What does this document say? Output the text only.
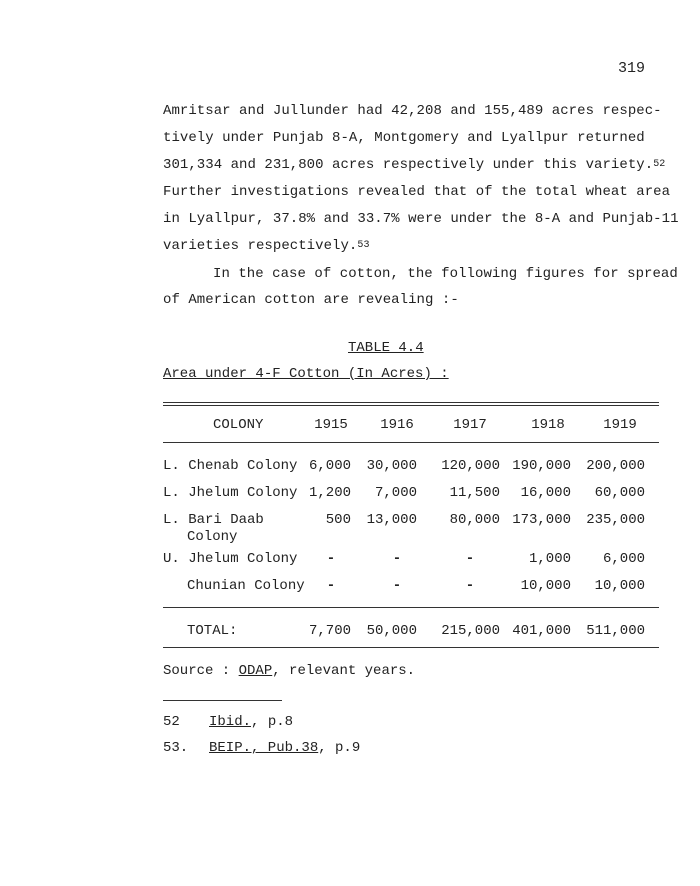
319
Amritsar and Jullunder had 42,208 and 155,489 acres respec-
tively under Punjab 8-A, Montgomery and Lyallpur returned
301,334 and 231,800 acres respectively under this variety.$^{52}$
Further investigations revealed that of the total wheat area
in Lyallpur, 37.8% and 33.7% were under the 8-A and Punjab-11
varieties respectively.$^{53}$
In the case of cotton, the following figures for spread
of American cotton are revealing :-
TABLE 4.4
Area under 4-F Cotton (In Acres) :
COLONY	1915	1916	1917	1918	1919
L. Chenab Colony 6,000	30,000	120,000 190,000	200,000
L. Jhelum Colony 1,200	7,000	11,500	16,000	60,000
L. Bari Daab
Colony
500	13,000	80,000 173,000	235,000
U. Jhelum Colony	-	-	-	1,000	6,000
Chunian Colony	-	-	-	10,000	10,000
TOTAL:	7,700	50,000	215,000 401,000	511,000
Source : ODAP, relevant years.
52 Ibid., p.8
53. BEIP., Pub.38, p.9
